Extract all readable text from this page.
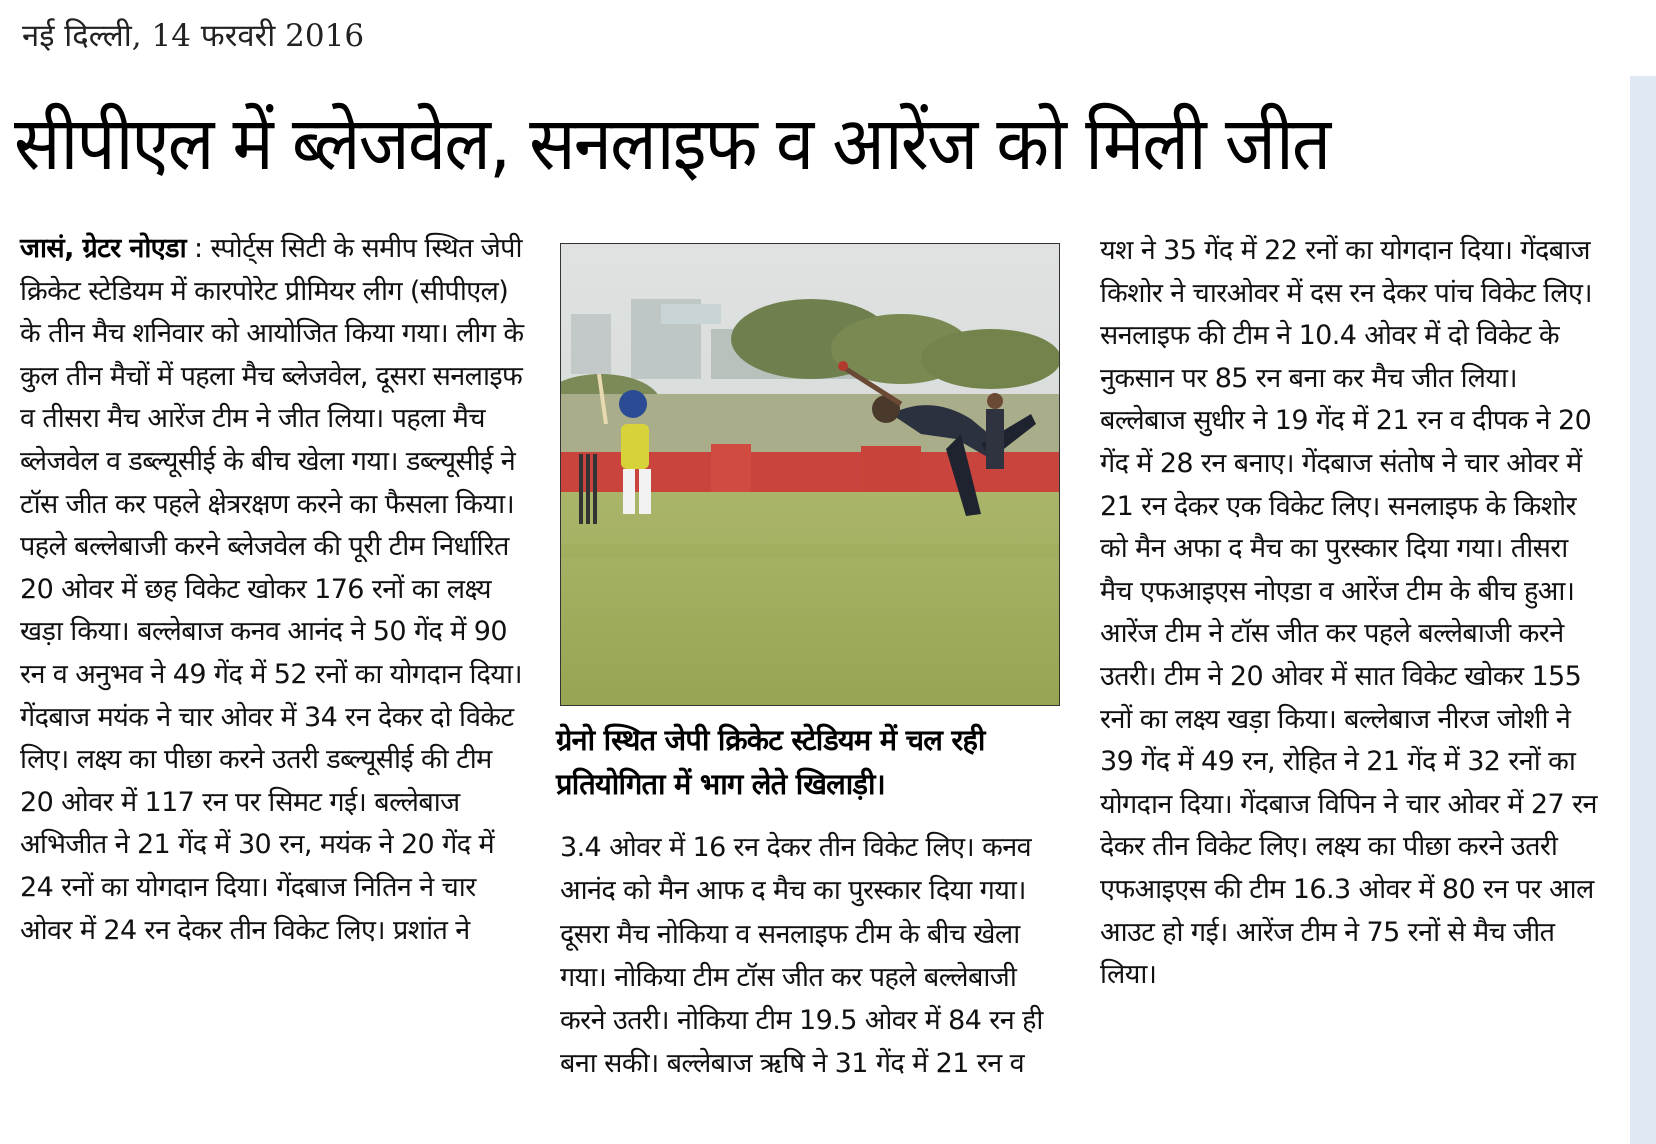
नई दिल्ली, 14 फरवरी 2016
सीपीएल में ब्लेजवेल, सनलाइफ व आरेंज को मिली जीत

जासं, ग्रेटर नोएडा : स्पोर्ट्स सिटी के समीप स्थित जेपी क्रिकेट स्टेडियम में कारपोरेट प्रीमियर लीग (सीपीएल) के तीन मैच शनिवार को आयोजित किया गया। लीग के कुल तीन मैचों में पहला मैच ब्लेजवेल, दूसरा सनलाइफ व तीसरा मैच आरेंज टीम ने जीत लिया। पहला मैच ब्लेजवेल व डब्ल्यूसीई के बीच खेला गया। डब्ल्यूसीई ने टॉस जीत कर पहले क्षेत्ररक्षण करने का फैसला किया। पहले बल्लेबाजी करने ब्लेजवेल की पूरी टीम निर्धारित 20 ओवर में छह विकेट खोकर 176 रनों का लक्ष्य खड़ा किया। बल्लेबाज कनव आनंद ने 50 गेंद में 90 रन व अनुभव ने 49 गेंद में 52 रनों का योगदान दिया। गेंदबाज मयंक ने चार ओवर में 34 रन देकर दो विकेट लिए। लक्ष्य का पीछा करने उतरी डब्ल्यूसीई की टीम 20 ओवर में 117 रन पर सिमट गई। बल्लेबाज अभिजीत ने 21 गेंद में 30 रन, मयंक ने 20 गेंद में 24 रनों का योगदान दिया। गेंदबाज नितिन ने चार ओवर में 24 रन देकर तीन विकेट लिए। प्रशांत ने

ग्रेनो स्थित जेपी क्रिकेट स्टेडियम में चल रही प्रतियोगिता में भाग लेते खिलाड़ी।

3.4 ओवर में 16 रन देकर तीन विकेट लिए। कनव आनंद को मैन आफ द मैच का पुरस्कार दिया गया। दूसरा मैच नोकिया व सनलाइफ टीम के बीच खेला गया। नोकिया टीम टॉस जीत कर पहले बल्लेबाजी करने उतरी। नोकिया टीम 19.5 ओवर में 84 रन ही बना सकी। बल्लेबाज ऋषि ने 31 गेंद में 21 रन व

यश ने 35 गेंद में 22 रनों का योगदान दिया। गेंदबाज किशोर ने चारओवर में दस रन देकर पांच विकेट लिए। सनलाइफ की टीम ने 10.4 ओवर में दो विकेट के नुकसान पर 85 रन बना कर मैच जीत लिया। बल्लेबाज सुधीर ने 19 गेंद में 21 रन व दीपक ने 20 गेंद में 28 रन बनाए। गेंदबाज संतोष ने चार ओवर में 21 रन देकर एक विकेट लिए। सनलाइफ के किशोर को मैन अफा द मैच का पुरस्कार दिया गया। तीसरा मैच एफआइएस नोएडा व आरेंज टीम के बीच हुआ। आरेंज टीम ने टॉस जीत कर पहले बल्लेबाजी करने उतरी। टीम ने 20 ओवर में सात विकेट खोकर 155 रनों का लक्ष्य खड़ा किया। बल्लेबाज नीरज जोशी ने 39 गेंद में 49 रन, रोहित ने 21 गेंद में 32 रनों का योगदान दिया। गेंदबाज विपिन ने चार ओवर में 27 रन देकर तीन विकेट लिए। लक्ष्य का पीछा करने उतरी एफआइएस की टीम 16.3 ओवर में 80 रन पर आल आउट हो गई। आरेंज टीम ने 75 रनों से मैच जीत लिया।
